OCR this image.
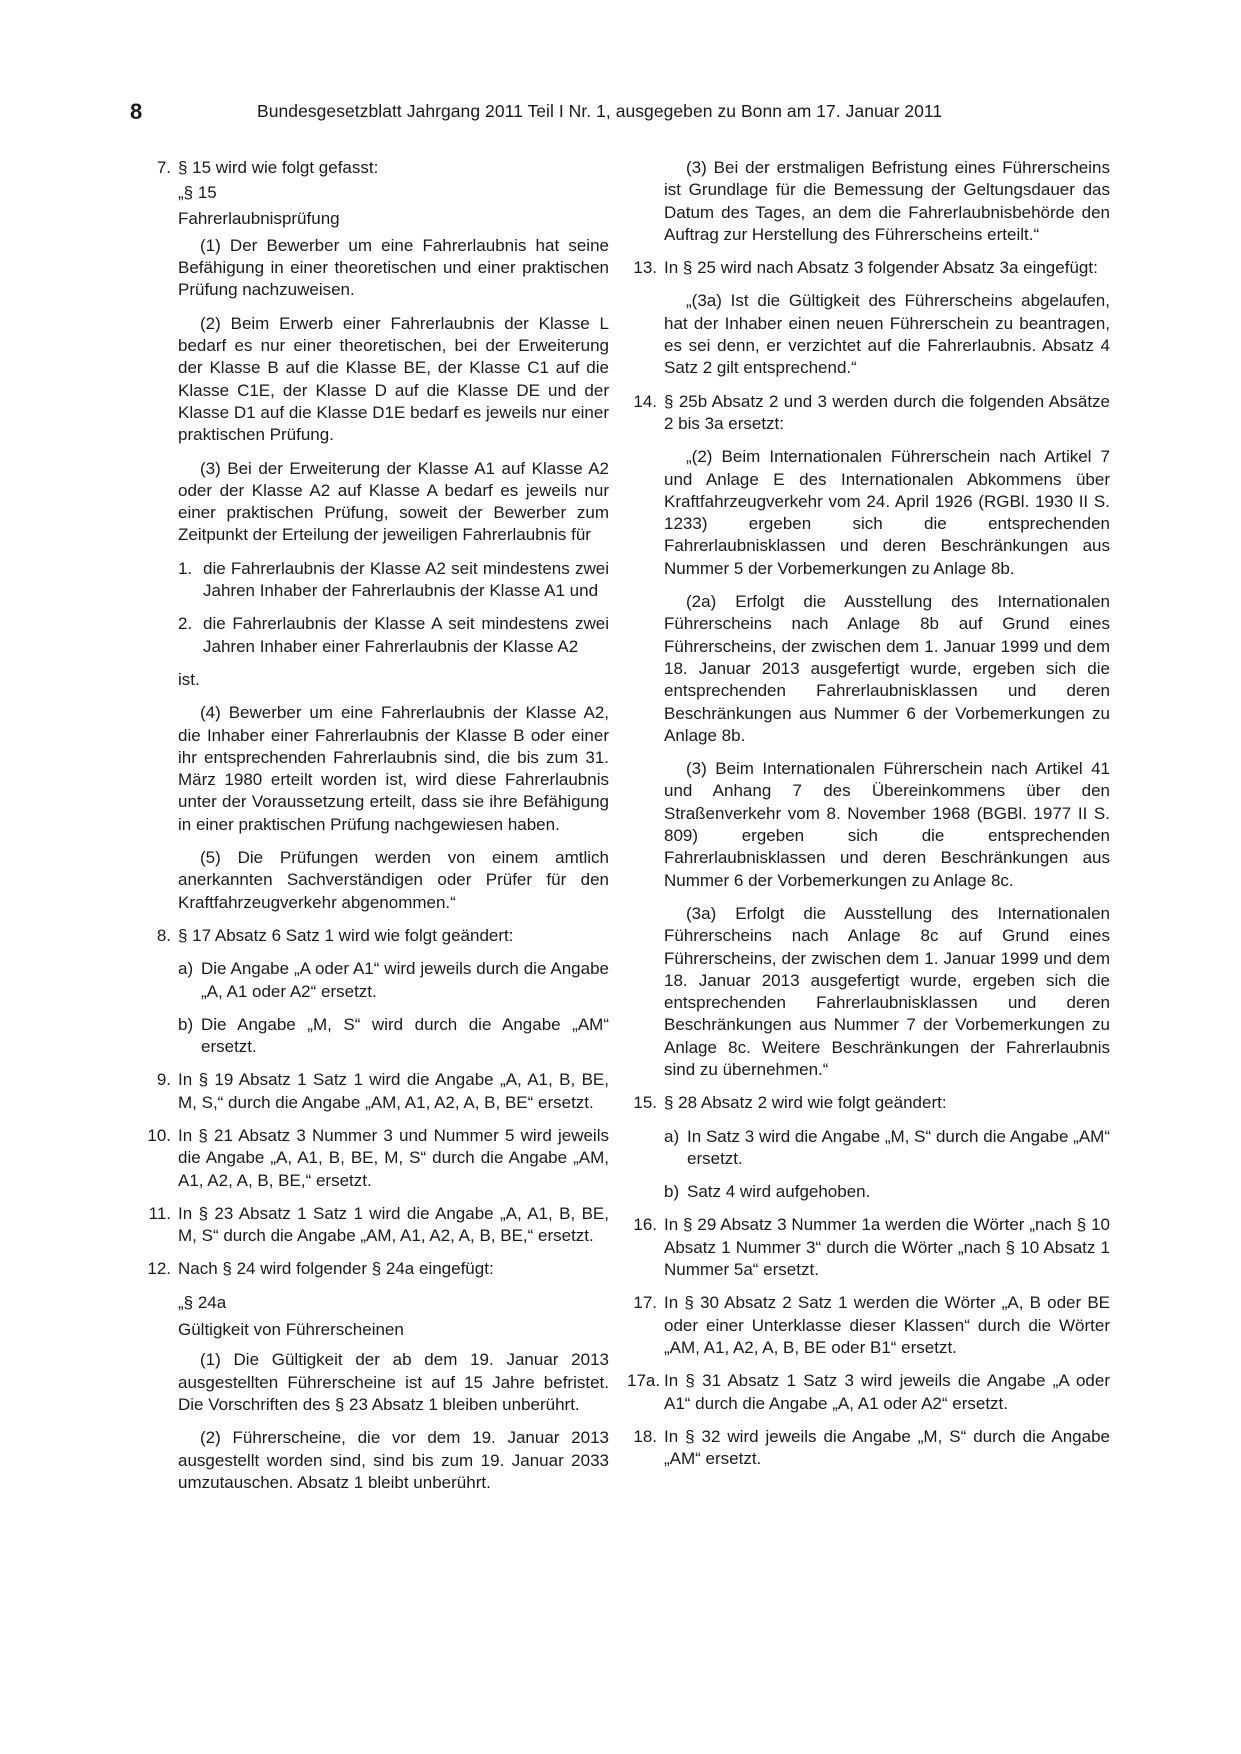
8	Bundesgesetzblatt Jahrgang 2011 Teil I Nr. 1, ausgegeben zu Bonn am 17. Januar 2011
7. § 15 wird wie folgt gefasst:
„§ 15
Fahrerlaubnisprüfung
(1) Der Bewerber um eine Fahrerlaubnis hat seine Befähigung in einer theoretischen und einer praktischen Prüfung nachzuweisen.
(2) Beim Erwerb einer Fahrerlaubnis der Klasse L bedarf es nur einer theoretischen, bei der Erweiterung der Klasse B auf die Klasse BE, der Klasse C1 auf die Klasse C1E, der Klasse D auf die Klasse DE und der Klasse D1 auf die Klasse D1E bedarf es jeweils nur einer praktischen Prüfung.
(3) Bei der Erweiterung der Klasse A1 auf Klasse A2 oder der Klasse A2 auf Klasse A bedarf es jeweils nur einer praktischen Prüfung, soweit der Bewerber zum Zeitpunkt der Erteilung der jeweiligen Fahrerlaubnis für
1. die Fahrerlaubnis der Klasse A2 seit mindestens zwei Jahren Inhaber der Fahrerlaubnis der Klasse A1 und
2. die Fahrerlaubnis der Klasse A seit mindestens zwei Jahren Inhaber einer Fahrerlaubnis der Klasse A2
ist.
(4) Bewerber um eine Fahrerlaubnis der Klasse A2, die Inhaber einer Fahrerlaubnis der Klasse B oder einer ihr entsprechenden Fahrerlaubnis sind, die bis zum 31. März 1980 erteilt worden ist, wird diese Fahrerlaubnis unter der Voraussetzung erteilt, dass sie ihre Befähigung in einer praktischen Prüfung nachgewiesen haben.
(5) Die Prüfungen werden von einem amtlich anerkannten Sachverständigen oder Prüfer für den Kraftfahrzeugverkehr abgenommen.“
8. § 17 Absatz 6 Satz 1 wird wie folgt geändert:
a) Die Angabe „A oder A1“ wird jeweils durch die Angabe „A, A1 oder A2“ ersetzt.
b) Die Angabe „M, S“ wird durch die Angabe „AM“ ersetzt.
9. In § 19 Absatz 1 Satz 1 wird die Angabe „A, A1, B, BE, M, S,“ durch die Angabe „AM, A1, A2, A, B, BE“ ersetzt.
10. In § 21 Absatz 3 Nummer 3 und Nummer 5 wird jeweils die Angabe „A, A1, B, BE, M, S“ durch die Angabe „AM, A1, A2, A, B, BE,“ ersetzt.
11. In § 23 Absatz 1 Satz 1 wird die Angabe „A, A1, B, BE, M, S“ durch die Angabe „AM, A1, A2, A, B, BE,“ ersetzt.
12. Nach § 24 wird folgender § 24a eingefügt:
„§ 24a
Gültigkeit von Führerscheinen
(1) Die Gültigkeit der ab dem 19. Januar 2013 ausgestellten Führerscheine ist auf 15 Jahre befristet. Die Vorschriften des § 23 Absatz 1 bleiben unberührt.
(2) Führerscheine, die vor dem 19. Januar 2013 ausgestellt worden sind, sind bis zum 19. Januar 2033 umzutauschen. Absatz 1 bleibt unberührt.
(3) Bei der erstmaligen Befristung eines Führerscheins ist Grundlage für die Bemessung der Geltungsdauer das Datum des Tages, an dem die Fahrerlaubnisbehörde den Auftrag zur Herstellung des Führerscheins erteilt.“
13. In § 25 wird nach Absatz 3 folgender Absatz 3a eingefügt:
„(3a) Ist die Gültigkeit des Führerscheins abgelaufen, hat der Inhaber einen neuen Führerschein zu beantragen, es sei denn, er verzichtet auf die Fahrerlaubnis. Absatz 4 Satz 2 gilt entsprechend.“
14. § 25b Absatz 2 und 3 werden durch die folgenden Absätze 2 bis 3a ersetzt:
„(2) Beim Internationalen Führerschein nach Artikel 7 und Anlage E des Internationalen Abkommens über Kraftfahrzeugverkehr vom 24. April 1926 (RGBl. 1930 II S. 1233) ergeben sich die entsprechenden Fahrerlaubnisklassen und deren Beschränkungen aus Nummer 5 der Vorbemerkungen zu Anlage 8b.
(2a) Erfolgt die Ausstellung des Internationalen Führerscheins nach Anlage 8b auf Grund eines Führerscheins, der zwischen dem 1. Januar 1999 und dem 18. Januar 2013 ausgefertigt wurde, ergeben sich die entsprechenden Fahrerlaubnisklassen und deren Beschränkungen aus Nummer 6 der Vorbemerkungen zu Anlage 8b.
(3) Beim Internationalen Führerschein nach Artikel 41 und Anhang 7 des Übereinkommens über den Straßenverkehr vom 8. November 1968 (BGBl. 1977 II S. 809) ergeben sich die entsprechenden Fahrerlaubnisklassen und deren Beschränkungen aus Nummer 6 der Vorbemerkungen zu Anlage 8c.
(3a) Erfolgt die Ausstellung des Internationalen Führerscheins nach Anlage 8c auf Grund eines Führerscheins, der zwischen dem 1. Januar 1999 und dem 18. Januar 2013 ausgefertigt wurde, ergeben sich die entsprechenden Fahrerlaubnisklassen und deren Beschränkungen aus Nummer 7 der Vorbemerkungen zu Anlage 8c. Weitere Beschränkungen der Fahrerlaubnis sind zu übernehmen.“
15. § 28 Absatz 2 wird wie folgt geändert:
a) In Satz 3 wird die Angabe „M, S“ durch die Angabe „AM“ ersetzt.
b) Satz 4 wird aufgehoben.
16. In § 29 Absatz 3 Nummer 1a werden die Wörter „nach § 10 Absatz 1 Nummer 3“ durch die Wörter „nach § 10 Absatz 1 Nummer 5a“ ersetzt.
17. In § 30 Absatz 2 Satz 1 werden die Wörter „A, B oder BE oder einer Unterklasse dieser Klassen“ durch die Wörter „AM, A1, A2, A, B, BE oder B1“ ersetzt.
17a. In § 31 Absatz 1 Satz 3 wird jeweils die Angabe „A oder A1“ durch die Angabe „A, A1 oder A2“ ersetzt.
18. In § 32 wird jeweils die Angabe „M, S“ durch die Angabe „AM“ ersetzt.
